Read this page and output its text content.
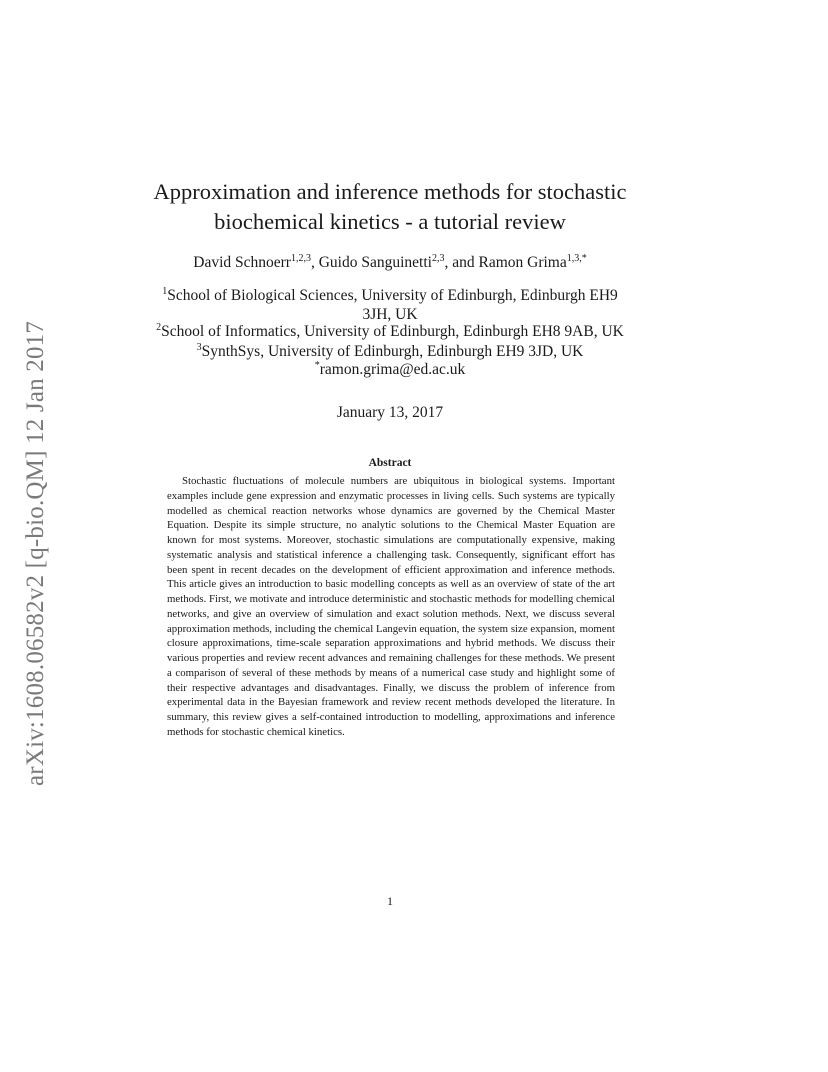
arXiv:1608.06582v2 [q-bio.QM] 12 Jan 2017
Approximation and inference methods for stochastic
biochemical kinetics - a tutorial review
David Schnoerr$^{1,2,3}$, Guido Sanguinetti$^{2,3}$, and Ramon Grima$^{1,3,*}$
$^1$School of Biological Sciences, University of Edinburgh, Edinburgh EH9
3JH, UK
$^2$School of Informatics, University of Edinburgh, Edinburgh EH8 9AB, UK
$^3$SynthSys, University of Edinburgh, Edinburgh EH9 3JD, UK
*ramon.grima@ed.ac.uk
January 13, 2017
Abstract

Stochastic fluctuations of molecule numbers are ubiquitous in biological systems. Important examples include gene expression and enzymatic processes in living cells. Such systems are typically modelled as chemical reaction networks whose dynamics are governed by the Chemical Master Equation. Despite its simple structure, no analytic solutions to the Chemical Master Equation are known for most systems. Moreover, stochastic simulations are computationally expensive, making systematic analysis and statistical inference a challenging task. Consequently, significant effort has been spent in recent decades on the development of efficient approximation and inference methods. This article gives an introduction to basic modelling concepts as well as an overview of state of the art methods. First, we motivate and introduce deterministic and stochastic methods for modelling chemical networks, and give an overview of simulation and exact solution methods. Next, we discuss several approximation methods, including the chemical Langevin equation, the system size expansion, moment closure approximations, time-scale separation approximations and hybrid methods. We discuss their various properties and review recent advances and remaining challenges for these methods. We present a comparison of several of these methods by means of a numerical case study and highlight some of their respective advantages and disadvantages. Finally, we discuss the problem of inference from experimental data in the Bayesian framework and review recent methods developed the literature. In summary, this review gives a self-contained introduction to modelling, approximations and inference methods for stochastic chemical kinetics.

1
